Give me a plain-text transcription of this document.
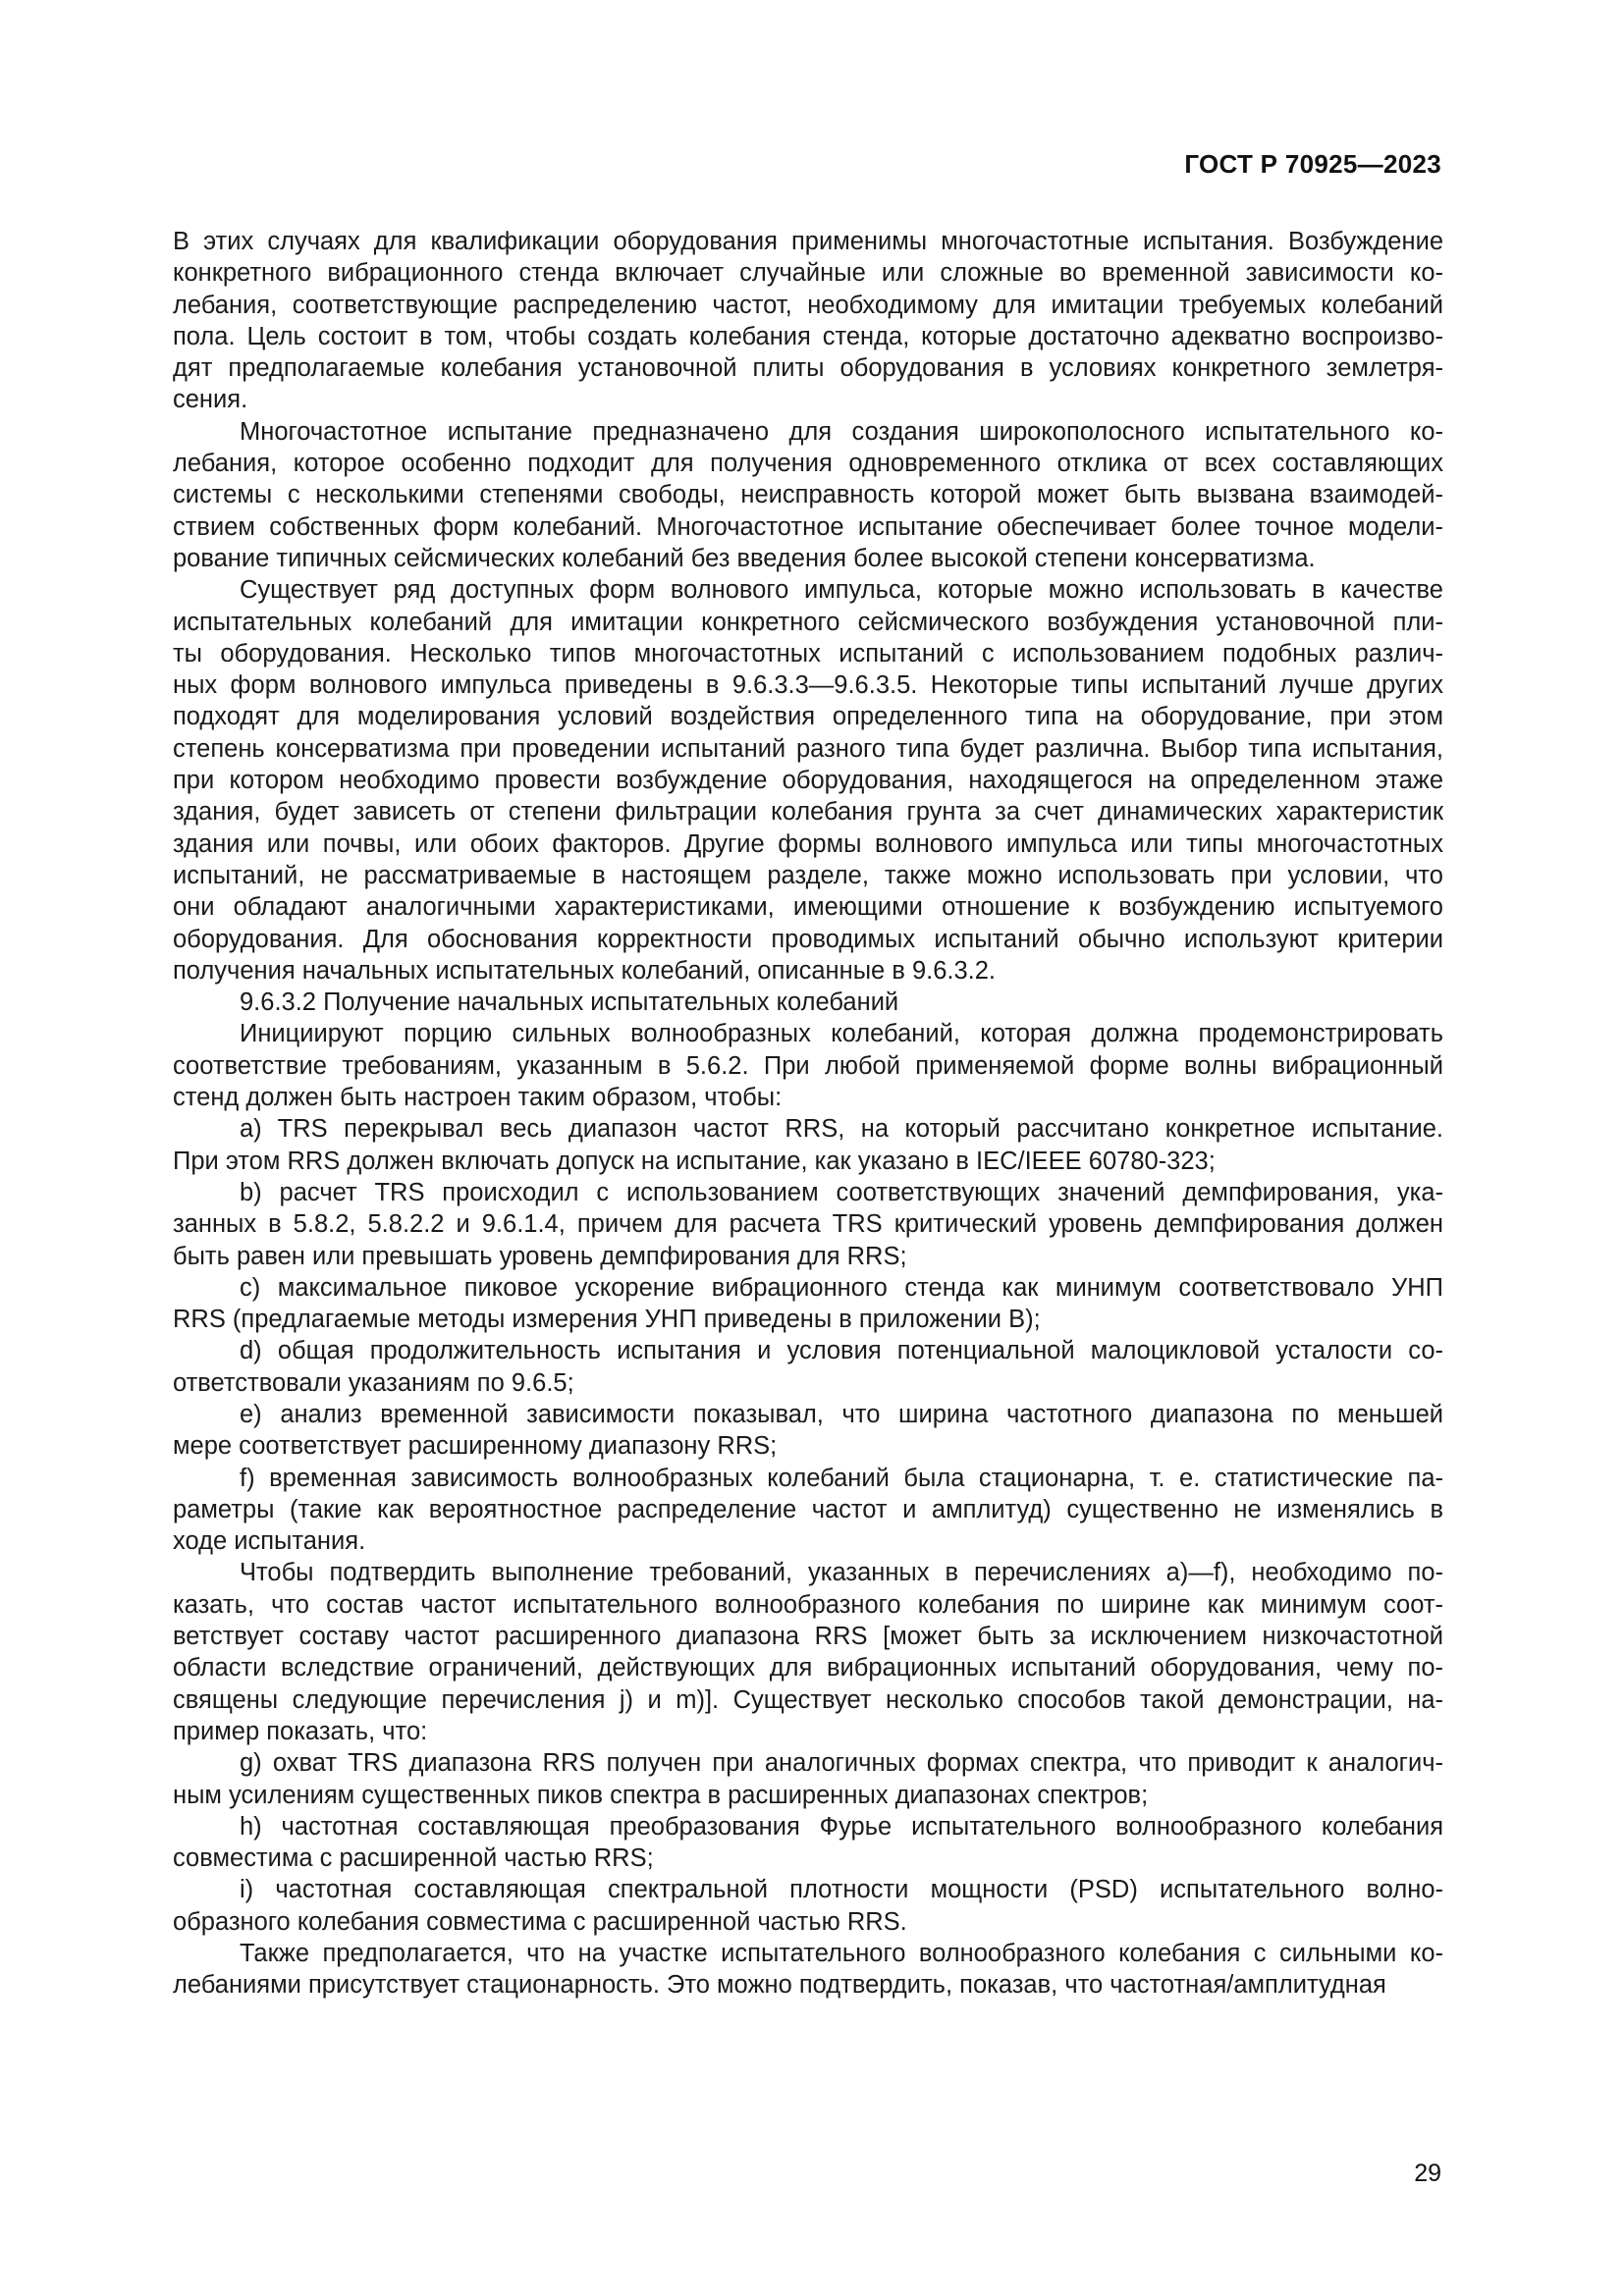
ГОСТ Р 70925—2023

В этих случаях для квалификации оборудования применимы многочастотные испытания. Возбуждение
конкретного вибрационного стенда включает случайные или сложные во временной зависимости ко-
лебания, соответствующие распределению частот, необходимому для имитации требуемых колебаний
пола. Цель состоит в том, чтобы создать колебания стенда, которые достаточно адекватно воспроизво-
дят предполагаемые колебания установочной плиты оборудования в условиях конкретного землетря-
сения.

Многочастотное испытание предназначено для создания широкополосного испытательного ко-
лебания, которое особенно подходит для получения одновременного отклика от всех составляющих
системы с несколькими степенями свободы, неисправность которой может быть вызвана взаимодей-
ствием собственных форм колебаний. Многочастотное испытание обеспечивает более точное модели-
рование типичных сейсмических колебаний без введения более высокой степени консерватизма.

Существует ряд доступных форм волнового импульса, которые можно использовать в качестве
испытательных колебаний для имитации конкретного сейсмического возбуждения установочной пли-
ты оборудования. Несколько типов многочастотных испытаний с использованием подобных различ-
ных форм волнового импульса приведены в 9.6.3.3—9.6.3.5. Некоторые типы испытаний лучше других
подходят для моделирования условий воздействия определенного типа на оборудование, при этом
степень консерватизма при проведении испытаний разного типа будет различна. Выбор типа испытания,
при котором необходимо провести возбуждение оборудования, находящегося на определенном этаже
здания, будет зависеть от степени фильтрации колебания грунта за счет динамических характеристик
здания или почвы, или обоих факторов. Другие формы волнового импульса или типы многочастотных
испытаний, не рассматриваемые в настоящем разделе, также можно использовать при условии, что
они обладают аналогичными характеристиками, имеющими отношение к возбуждению испытуемого
оборудования. Для обоснования корректности проводимых испытаний обычно используют критерии
получения начальных испытательных колебаний, описанные в 9.6.3.2.

9.6.3.2 Получение начальных испытательных колебаний

Инициируют порцию сильных волнообразных колебаний, которая должна продемонстрировать
соответствие требованиям, указанным в 5.6.2. При любой применяемой форме волны вибрационный
стенд должен быть настроен таким образом, чтобы:

a) TRS перекрывал весь диапазон частот RRS, на который рассчитано конкретное испытание.
При этом RRS должен включать допуск на испытание, как указано в IEC/IEEE 60780-323;

b) расчет TRS происходил с использованием соответствующих значений демпфирования, ука-
занных в 5.8.2, 5.8.2.2 и 9.6.1.4, причем для расчета TRS критический уровень демпфирования должен
быть равен или превышать уровень демпфирования для RRS;

c) максимальное пиковое ускорение вибрационного стенда как минимум соответствовало УНП
RRS (предлагаемые методы измерения УНП приведены в приложении В);

d) общая продолжительность испытания и условия потенциальной малоцикловой усталости со-
ответствовали указаниям по 9.6.5;

e) анализ временной зависимости показывал, что ширина частотного диапазона по меньшей
мере соответствует расширенному диапазону RRS;

f) временная зависимость волнообразных колебаний была стационарна, т. е. статистические па-
раметры (такие как вероятностное распределение частот и амплитуд) существенно не изменялись в
ходе испытания.

Чтобы подтвердить выполнение требований, указанных в перечислениях а)—f), необходимо по-
казать, что состав частот испытательного волнообразного колебания по ширине как минимум соот-
ветствует составу частот расширенного диапазона RRS [может быть за исключением низкочастотной
области вследствие ограничений, действующих для вибрационных испытаний оборудования, чему по-
священы следующие перечисления j) и m)]. Существует несколько способов такой демонстрации, на-
пример показать, что:

g) охват TRS диапазона RRS получен при аналогичных формах спектра, что приводит к аналогич-
ным усилениям существенных пиков спектра в расширенных диапазонах спектров;

h) частотная составляющая преобразования Фурье испытательного волнообразного колебания
совместима с расширенной частью RRS;

i) частотная составляющая спектральной плотности мощности (PSD) испытательного волно-
образного колебания совместима с расширенной частью RRS.

Также предполагается, что на участке испытательного волнообразного колебания с сильными ко-
лебаниями присутствует стационарность. Это можно подтвердить, показав, что частотная/амплитудная

29
